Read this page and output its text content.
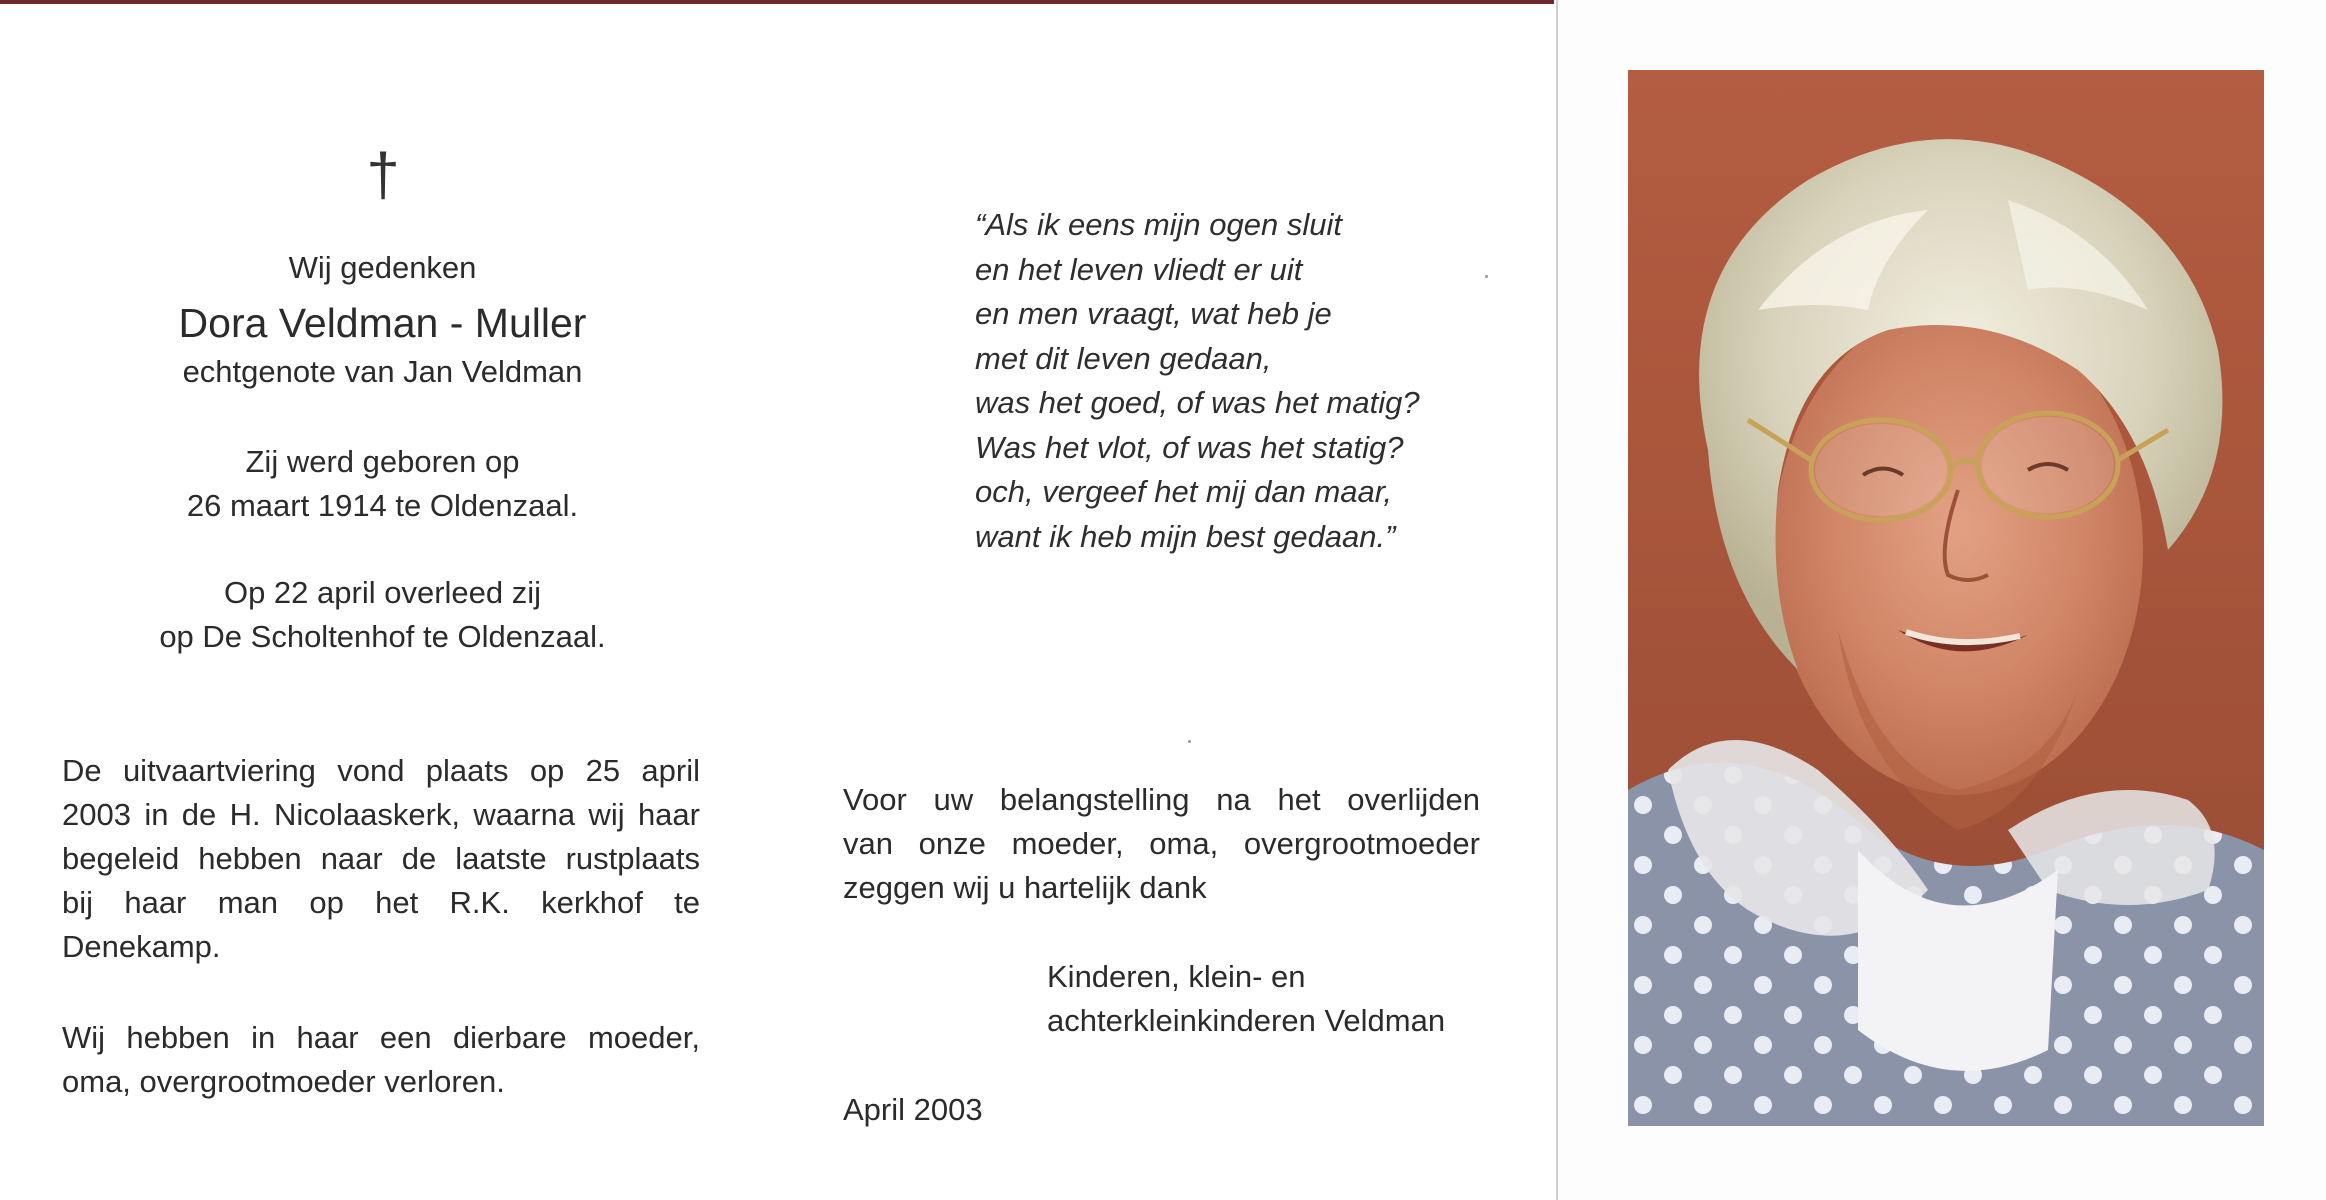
†
Wij gedenken
Dora Veldman - Muller
echtgenote van Jan Veldman
Zij werd geboren op
26 maart 1914 te Oldenzaal.
Op 22 april overleed zij
op De Scholtenhof te Oldenzaal.
De uitvaartviering vond plaats op 25 april
2003 in de H. Nicolaaskerk, waarna wij haar
begeleid hebben naar de laatste rustplaats
bij haar man op het R.K. kerkhof te
Denekamp.
Wij hebben in haar een dierbare moeder,
oma, overgrootmoeder verloren.
“Als ik eens mijn ogen sluit
en het leven vliedt er uit
en men vraagt, wat heb je
met dit leven gedaan,
was het goed, of was het matig?
Was het vlot, of was het statig?
och, vergeef het mij dan maar,
want ik heb mijn best gedaan.”
Voor uw belangstelling na het overlijden
van onze moeder, oma, overgrootmoeder
zeggen wij u hartelijk dank
Kinderen, klein- en
achterkleinkinderen Veldman
April 2003
